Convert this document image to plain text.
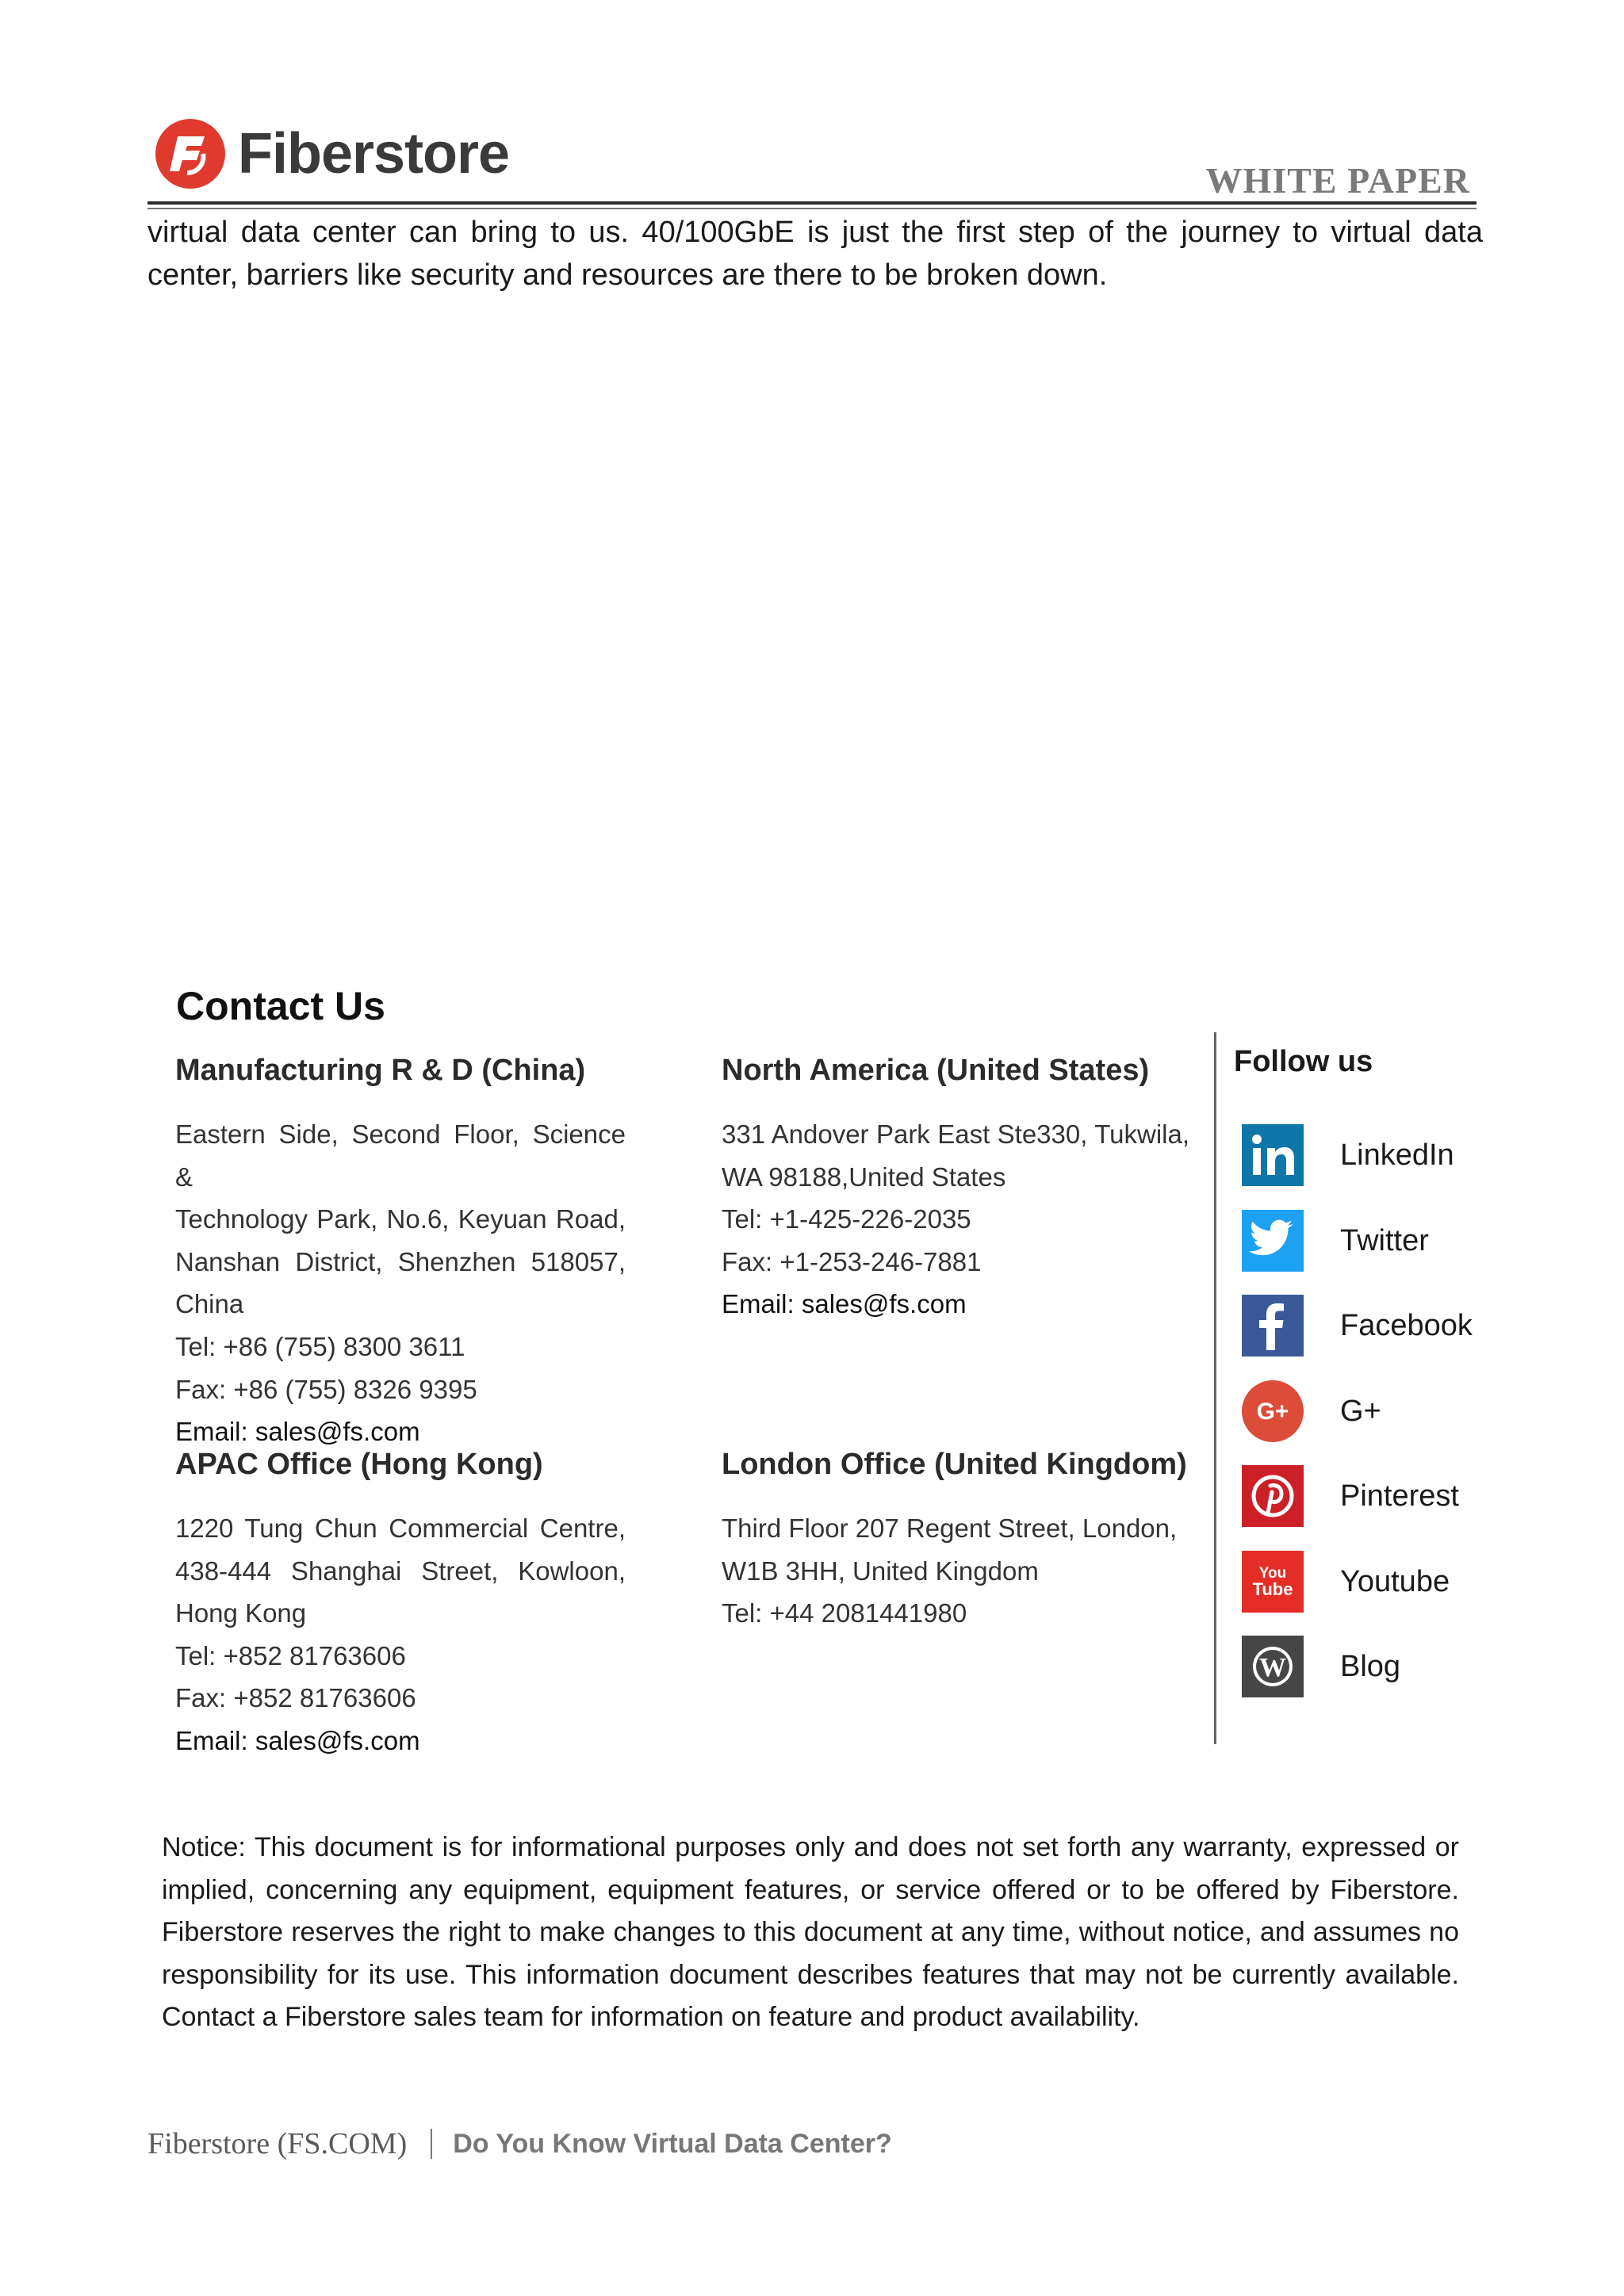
Fiberstore	WHITE PAPER
virtual data center can bring to us. 40/100GbE is just the first step of the journey to virtual data center, barriers like security and resources are there to be broken down.
Contact Us
Manufacturing R & D (China)
Eastern Side, Second Floor, Science &
Technology Park, No.6, Keyuan Road,
Nanshan District, Shenzhen 518057,
China
Tel: +86 (755) 8300 3611
Fax: +86 (755) 8326 9395
Email: sales@fs.com
North America (United States)
331 Andover Park East Ste330, Tukwila,
WA 98188,United States
Tel: +1-425-226-2035
Fax: +1-253-246-7881
Email: sales@fs.com
APAC Office (Hong Kong)
1220 Tung Chun Commercial Centre,
438-444 Shanghai Street, Kowloon,
Hong Kong
Tel: +852 81763606
Fax: +852 81763606
Email: sales@fs.com
London Office (United Kingdom)
Third Floor 207 Regent Street, London,
W1B 3HH, United Kingdom
Tel: +44 2081441980
Follow us
LinkedIn
Twitter
Facebook
G+ G+
Pinterest
You
Tube Youtube
W Blog
Notice: This document is for informational purposes only and does not set forth any warranty, expressed or implied, concerning any equipment, equipment features, or service offered or to be offered by Fiberstore. Fiberstore reserves the right to make changes to this document at any time, without notice, and assumes no responsibility for its use. This information document describes features that may not be currently available. Contact a Fiberstore sales team for information on feature and product availability.
Fiberstore (FS.COM) Do You Know Virtual Data Center?
